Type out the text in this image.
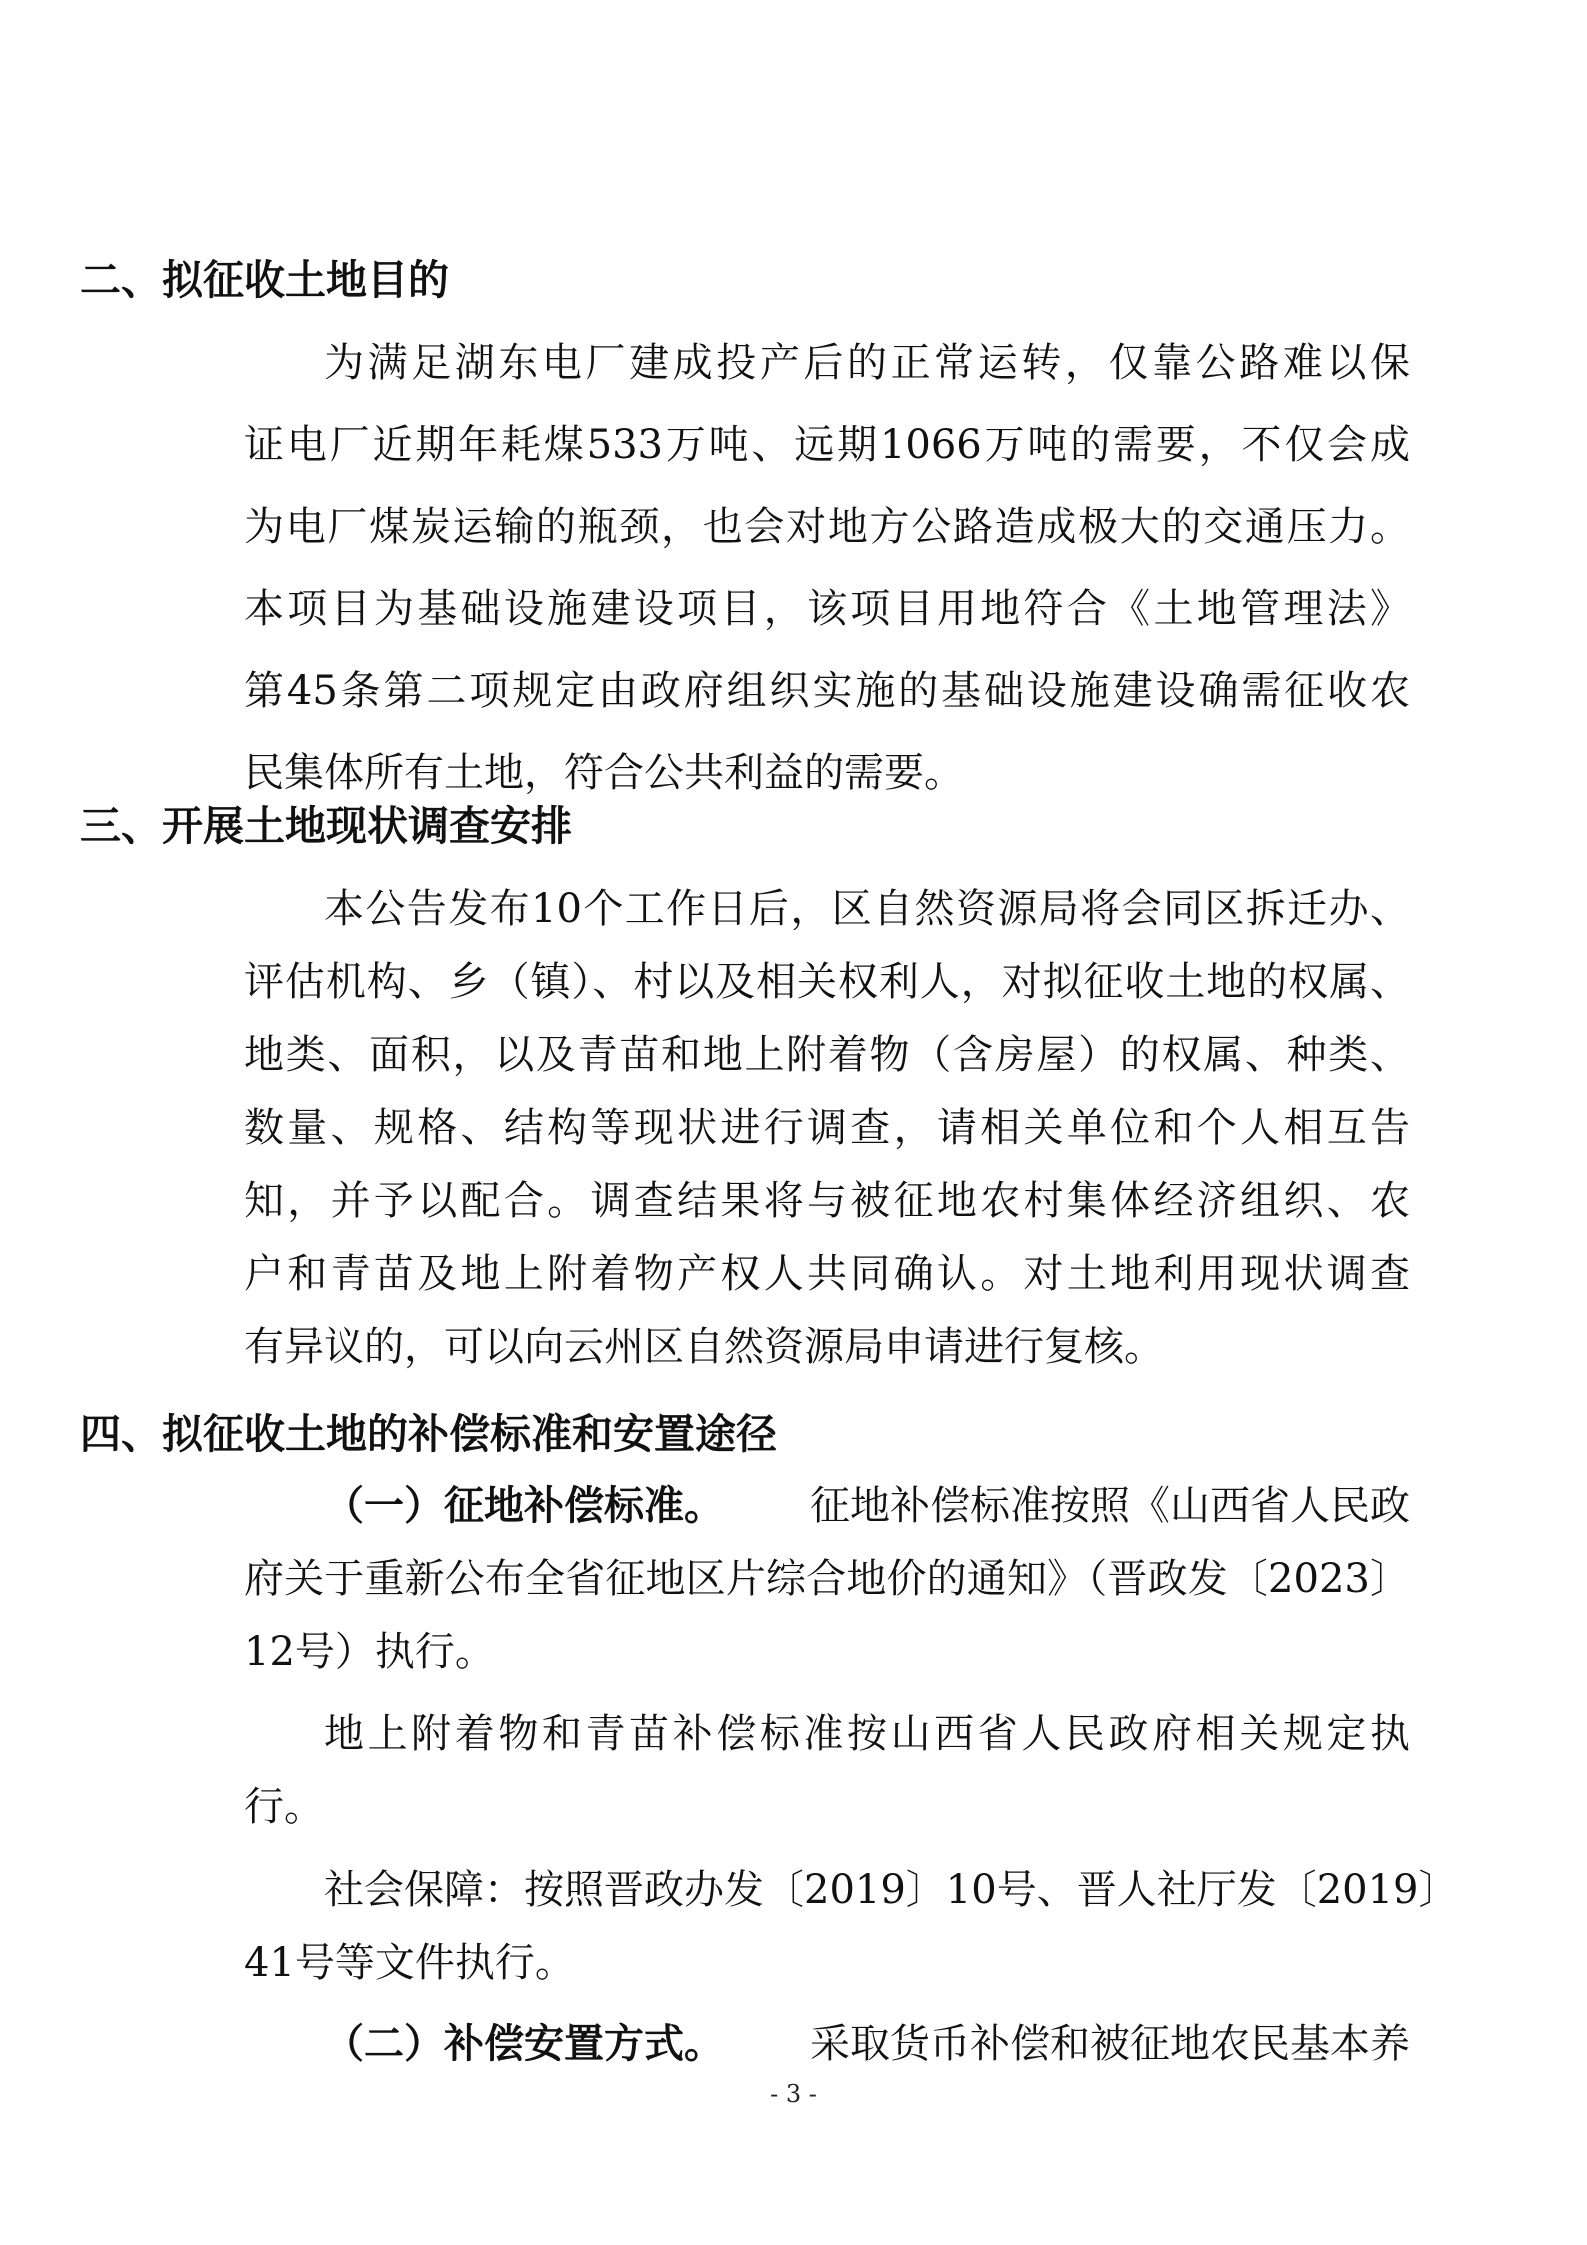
二、拟征收土地目的
为满足湖东电厂建成投产后的正常运转，仅靠公路难以保
证电厂近期年耗煤533万吨、远期1066万吨的需要，不仅会成
为电厂煤炭运输的瓶颈，也会对地方公路造成极大的交通压力。
本项目为基础设施建设项目，该项目用地符合《土地管理法》
第45条第二项规定由政府组织实施的基础设施建设确需征收农
民集体所有土地，符合公共利益的需要。
三、开展土地现状调查安排
本公告发布10个工作日后，区自然资源局将会同区拆迁办、
评估机构、乡（镇）、村以及相关权利人，对拟征收土地的权属、
地类、面积，以及青苗和地上附着物（含房屋）的权属、种类、
数量、规格、结构等现状进行调查，请相关单位和个人相互告
知，并予以配合。调查结果将与被征地农村集体经济组织、农
户和青苗及地上附着物产权人共同确认。对土地利用现状调查
有异议的，可以向云州区自然资源局申请进行复核。
四、拟征收土地的补偿标准和安置途径
（一）征地补偿标准。 征地补偿标准按照《山西省人民政
府关于重新公布全省征地区片综合地价的通知》（晋政发〔2023〕
12号）执行。
地上附着物和青苗补偿标准按山西省人民政府相关规定执
行。
社会保障：按照晋政办发〔2019〕10号、晋人社厅发〔2019〕
41号等文件执行。
（二）补偿安置方式。 采取货币补偿和被征地农民基本养
- 3 -
